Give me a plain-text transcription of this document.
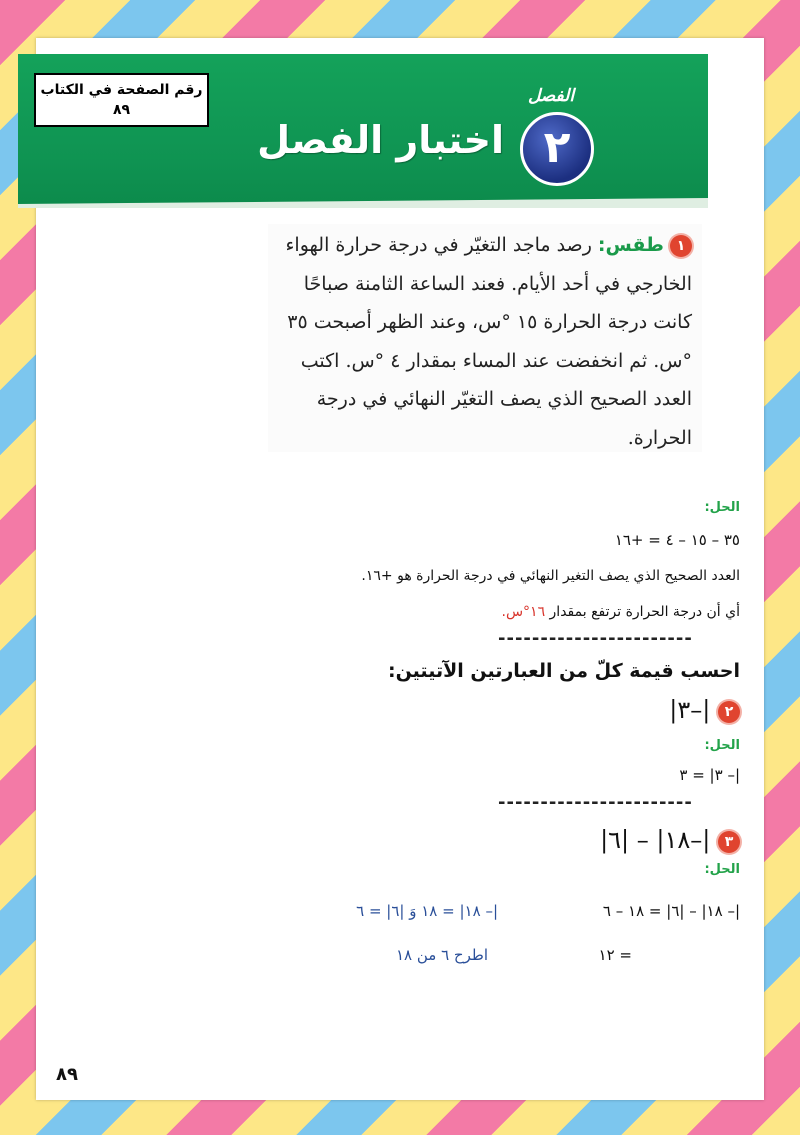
رقم الصفحة في الكتاب
٨٩
اختبار الفصل
الفصل
٢
١ طقس: رصد ماجد التغيّر في درجة حرارة الهواء الخارجي في أحد الأيام. فعند الساعة الثامنة صباحًا كانت درجة الحرارة ١٥ °س، وعند الظهر أصبحت ٣٥ °س. ثم انخفضت عند المساء بمقدار ٤ °س. اكتب العدد الصحيح الذي يصف التغيّر النهائي في درجة الحرارة.
الحل:
٣٥ – ١٥ – ٤ = +١٦
العدد الصحيح الذي يصف التغير النهائي في درجة الحرارة هو +١٦.
أي أن درجة الحرارة ترتفع بمقدار ١٦°س.
-----------------------
احسب قيمة كلّ من العبارتين الآتيتين:
٢ |–٣|
الحل:
|– ٣| = ٣
-----------------------
٣ |–١٨| – |٦|
الحل:
|– ١٨| – |٦| = ١٨ – ٦
|– ١٨| = ١٨ وَ |٦| = ٦
= ١٢
اطرح ٦ من ١٨
٨٩
